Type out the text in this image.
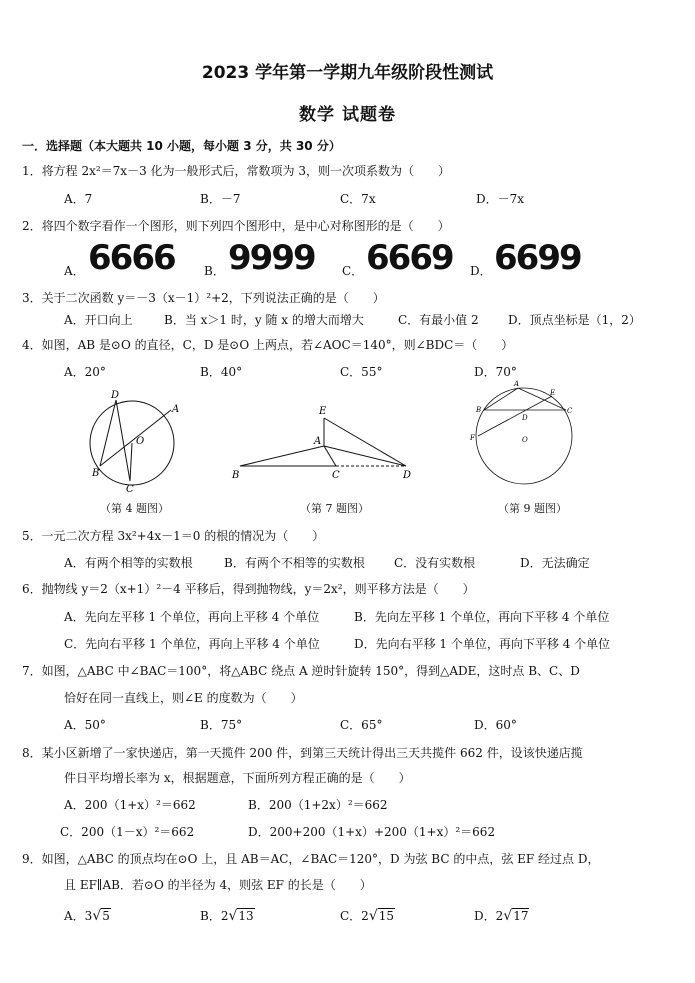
2023 学年第一学期九年级阶段性测试
数学 试题卷
一．选择题（本大题共 10 小题，每小题 3 分，共 30 分）
1．将方程 2x²＝7x－3 化为一般形式后，常数项为 3，则一次项系数为（　　）
A．7	B．－7	C．7x	D．－7x
2．将四个数字看作一个图形，则下列四个图形中，是中心对称图形的是（　　）
A． 6666 B． 9999 C． 6669 D． 6699
3．关于二次函数 y＝－3（x－1）²+2，下列说法正确的是（　　）
A．开口向上	B．当 x＞1 时，y 随 x 的增大而增大	C．有最小值 2 D．顶点坐标是（1，2）
4．如图，AB 是⊙O 的直径，C，D 是⊙O 上两点，若∠AOC＝140°，则∠BDC＝（　　）
A．20°	B．40°	C．55°	D．70°
D
A
O
B
C
（第 4 题图）
E
A
B	C	D
（第 7 题图）
A
B
E
C
D
F	O
（第 9 题图）
5．一元二次方程 3x²+4x－1＝0 的根的情况为（　　）
A．有两个相等的实数根	B．有两个不相等的实数根 C．没有实数根	D．无法确定
6．抛物线 y＝2（x+1）²－4 平移后，得到抛物线，y＝2x²，则平移方法是（　　）
A．先向左平移 1 个单位，再向上平移 4 个单位	B．先向左平移 1 个单位，再向下平移 4 个单位
C．先向右平移 1 个单位，再向上平移 4 个单位	D．先向右平移 1 个单位，再向下平移 4 个单位
7．如图，△ABC 中∠BAC＝100°，将△ABC 绕点 A 逆时针旋转 150°，得到△ADE，这时点 B、C、D
恰好在同一直线上，则∠E 的度数为（　　）
A．50°	B．75°	C．65°	D．60°
8．某小区新增了一家快递店，第一天揽件 200 件，到第三天统计得出三天共揽件 662 件，设该快递店揽
件日平均增长率为 x，根据题意，下面所列方程正确的是（　　）
A．200（1+x）²＝662	B．200（1+2x）²＝662
C．200（1－x）²＝662	D．200+200（1+x）+200（1+x）²＝662
9．如图，△ABC 的顶点均在⊙O 上，且 AB＝AC，∠BAC＝120°，D 为弦 BC 的中点，弦 EF 经过点 D，
且 EF∥AB．若⊙O 的半径为 4，则弦 EF 的长是（　　）
A．3√5	B．2√13	C．2√15	D．2√17
